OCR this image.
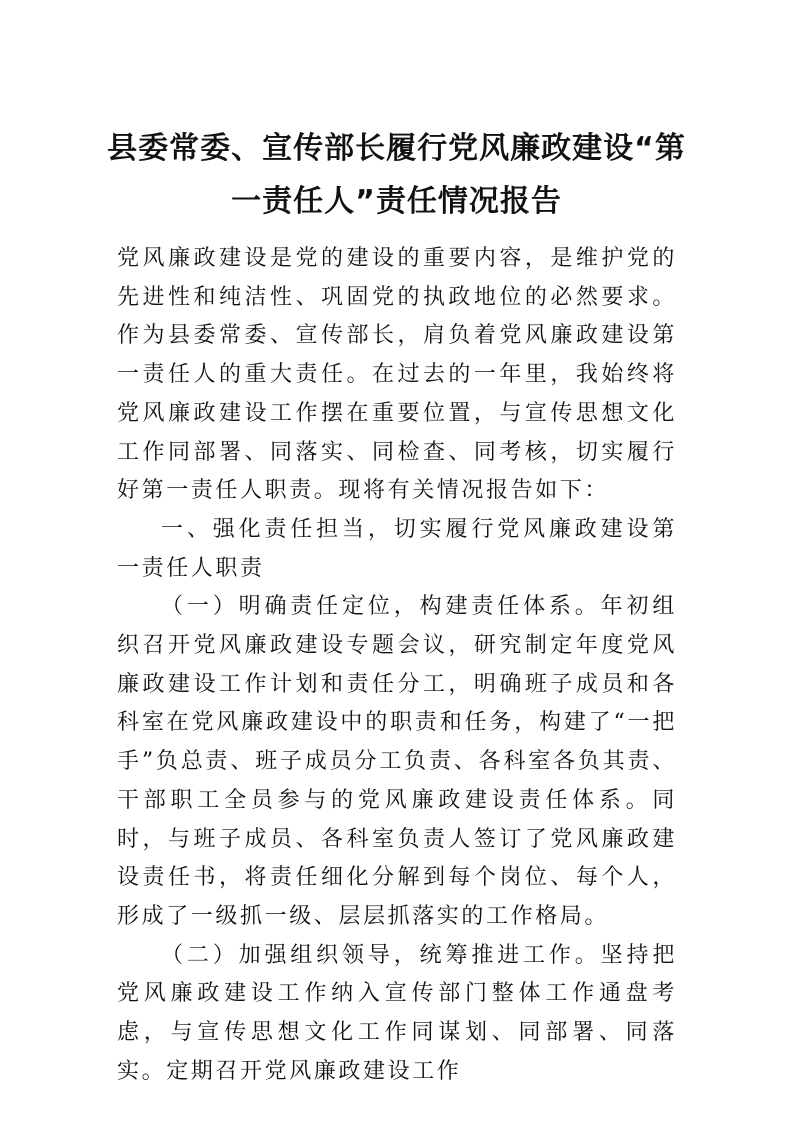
县委常委、宣传部长履行党风廉政建设“第
一责任人”责任情况报告

党风廉政建设是党的建设的重要内容，是维护党的先进性和纯洁性、巩固党的执政地位的必然要求。作为县委常委、宣传部长，肩负着党风廉政建设第一责任人的重大责任。在过去的一年里，我始终将党风廉政建设工作摆在重要位置，与宣传思想文化工作同部署、同落实、同检查、同考核，切实履行好第一责任人职责。现将有关情况报告如下：

一、强化责任担当，切实履行党风廉政建设第一责任人职责

（一）明确责任定位，构建责任体系。年初组织召开党风廉政建设专题会议，研究制定年度党风廉政建设工作计划和责任分工，明确班子成员和各科室在党风廉政建设中的职责和任务，构建了“一把手”负总责、班子成员分工负责、各科室各负其责、干部职工全员参与的党风廉政建设责任体系。同时，与班子成员、各科室负责人签订了党风廉政建设责任书，将责任细化分解到每个岗位、每个人，形成了一级抓一级、层层抓落实的工作格局。

（二）加强组织领导，统筹推进工作。坚持把党风廉政建设工作纳入宣传部门整体工作通盘考虑，与宣传思想文化工作同谋划、同部署、同落实。定期召开党风廉政建设工作
